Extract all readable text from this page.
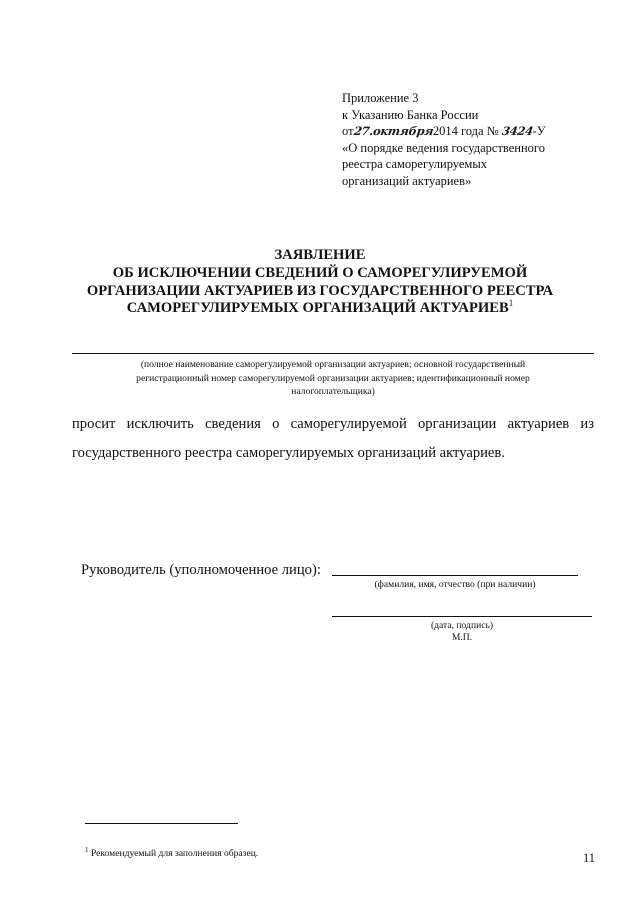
Приложение 3
к Указанию Банка России
от27.октября2014 года № 3424-У
«О порядке ведения государственного
реестра саморегулируемых
организаций актуариев»
ЗАЯВЛЕНИЕ
ОБ ИСКЛЮЧЕНИИ СВЕДЕНИЙ О САМОРЕГУЛИРУЕМОЙ
ОРГАНИЗАЦИИ АКТУАРИЕВ ИЗ ГОСУДАРСТВЕННОГО РЕЕСТРА
САМОРЕГУЛИРУЕМЫХ ОРГАНИЗАЦИЙ АКТУАРИЕВ$^1$
(полное наименование саморегулируемой организации актуариев; основной государственный
регистрационный номер саморегулируемой организации актуариев; идентификационный номер
налогоплательщика)
просит исключить сведения о саморегулируемой организации актуариев из государственного реестра саморегулируемых организаций актуариев.
Руководитель (уполномоченное лицо):
(фамилия, имя, отчество (при наличии)
(дата, подпись)
М.П.
$^1$ Рекомендуемый для заполнения образец.	11
